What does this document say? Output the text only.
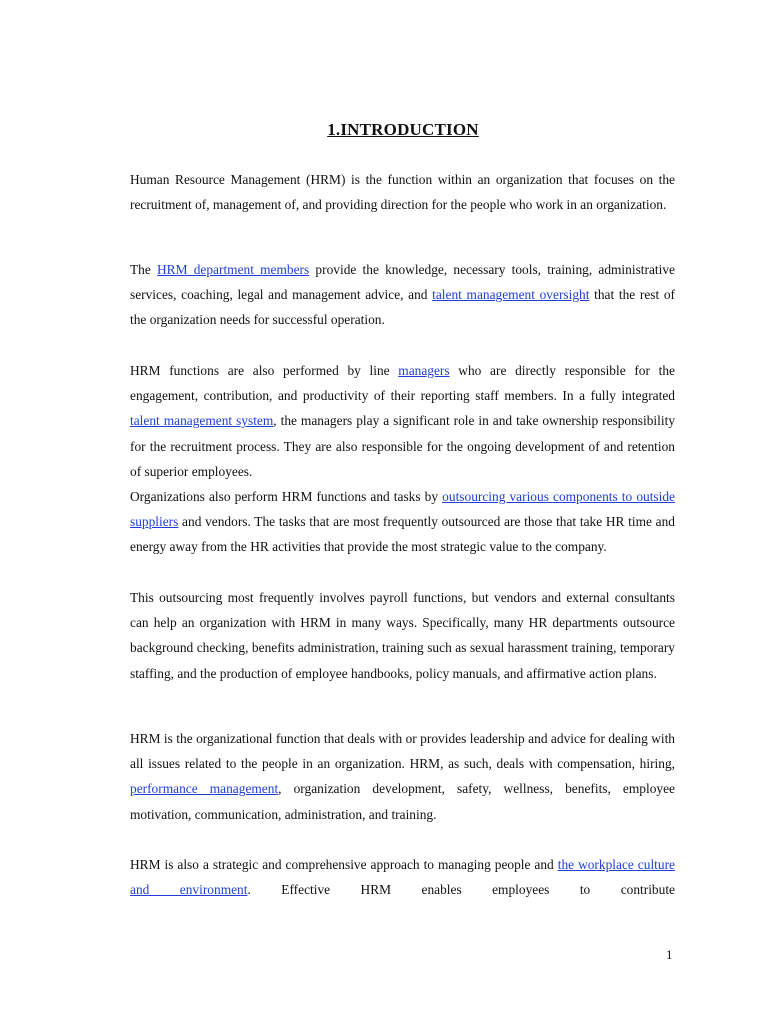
1.INTRODUCTION

Human Resource Management (HRM) is the function within an organization that focuses on the recruitment of, management of, and providing direction for the people who work in an organization.

The HRM department members provide the knowledge, necessary tools, training, administrative services, coaching, legal and management advice, and talent management oversight that the rest of the organization needs for successful operation.

HRM functions are also performed by line managers who are directly responsible for the engagement, contribution, and productivity of their reporting staff members. In a fully integrated talent management system, the managers play a significant role in and take ownership responsibility for the recruitment process. They are also responsible for the ongoing development of and retention of superior employees.

Organizations also perform HRM functions and tasks by outsourcing various components to outside suppliers and vendors. The tasks that are most frequently outsourced are those that take HR time and energy away from the HR activities that provide the most strategic value to the company.

This outsourcing most frequently involves payroll functions, but vendors and external consultants can help an organization with HRM in many ways. Specifically, many HR departments outsource background checking, benefits administration, training such as sexual harassment training, temporary staffing, and the production of employee handbooks, policy manuals, and affirmative action plans.

HRM is the organizational function that deals with or provides leadership and advice for dealing with all issues related to the people in an organization. HRM, as such, deals with compensation, hiring, performance management, organization development, safety, wellness, benefits, employee motivation, communication, administration, and training.

HRM is also a strategic and comprehensive approach to managing people and the workplace culture and environment. Effective HRM enables employees to contribute

1
